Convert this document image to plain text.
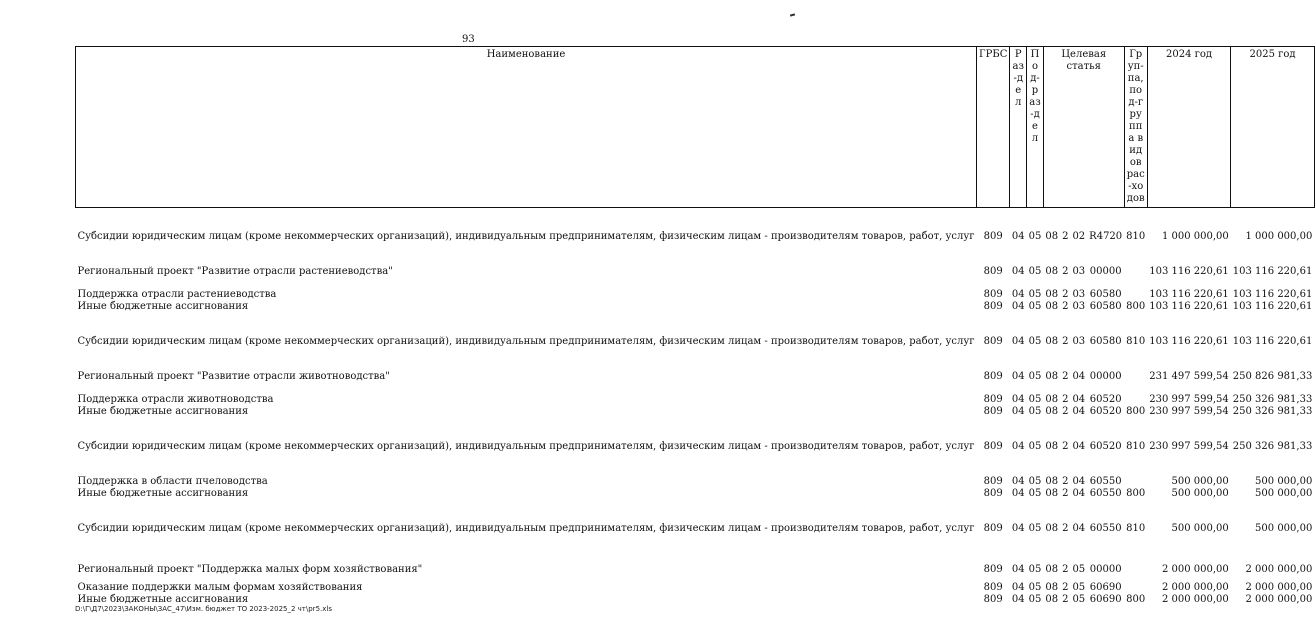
93
Наименование	ГРБС	Раз-дел	Под-раз-дел	Целевая статья				Груп-па, под-группа видов рас-ходов	2024 год	2025 год

Субсидии юридическим лицам (кроме некоммерческих организаций), индивидуальным предпринимателям, физическим лицам - производителям товаров, работ, услуг	809	04	05	08	2	02	R4720	810	1 000 000,00	1 000 000,00

Региональный проект "Развитие отрасли растениеводства"	809	04	05	08	2	03	00000		103 116 220,61	103 116 220,61

Поддержка отрасли растениеводства	809	04	05	08	2	03	60580		103 116 220,61	103 116 220,61
Иные бюджетные ассигнования	809	04	05	08	2	03	60580	800	103 116 220,61	103 116 220,61

Субсидии юридическим лицам (кроме некоммерческих организаций), индивидуальным предпринимателям, физическим лицам - производителям товаров, работ, услуг	809	04	05	08	2	03	60580	810	103 116 220,61	103 116 220,61

Региональный проект "Развитие отрасли животноводства"	809	04	05	08	2	04	00000		231 497 599,54	250 826 981,33

Поддержка отрасли животноводства	809	04	05	08	2	04	60520		230 997 599,54	250 326 981,33
Иные бюджетные ассигнования	809	04	05	08	2	04	60520	800	230 997 599,54	250 326 981,33

Субсидии юридическим лицам (кроме некоммерческих организаций), индивидуальным предпринимателям, физическим лицам - производителям товаров, работ, услуг	809	04	05	08	2	04	60520	810	230 997 599,54	250 326 981,33

Поддержка в области пчеловодства	809	04	05	08	2	04	60550		500 000,00	500 000,00
Иные бюджетные ассигнования	809	04	05	08	2	04	60550	800	500 000,00	500 000,00

Субсидии юридическим лицам (кроме некоммерческих организаций), индивидуальным предпринимателям, физическим лицам - производителям товаров, работ, услуг	809	04	05	08	2	04	60550	810	500 000,00	500 000,00

Региональный проект "Поддержка малых форм хозяйствования"	809	04	05	08	2	05	00000		2 000 000,00	2 000 000,00
Оказание поддержки малым формам хозяйствования	809	04	05	08	2	05	60690		2 000 000,00	2 000 000,00
Иные бюджетные ассигнования	809	04	05	08	2	05	60690	800	2 000 000,00	2 000 000,00
D:\Г\Д7\2023\ЗАКОНЫ\ЗАС_47\Изм. бюджет ТО 2023-2025_2 чт\pr5.xls
